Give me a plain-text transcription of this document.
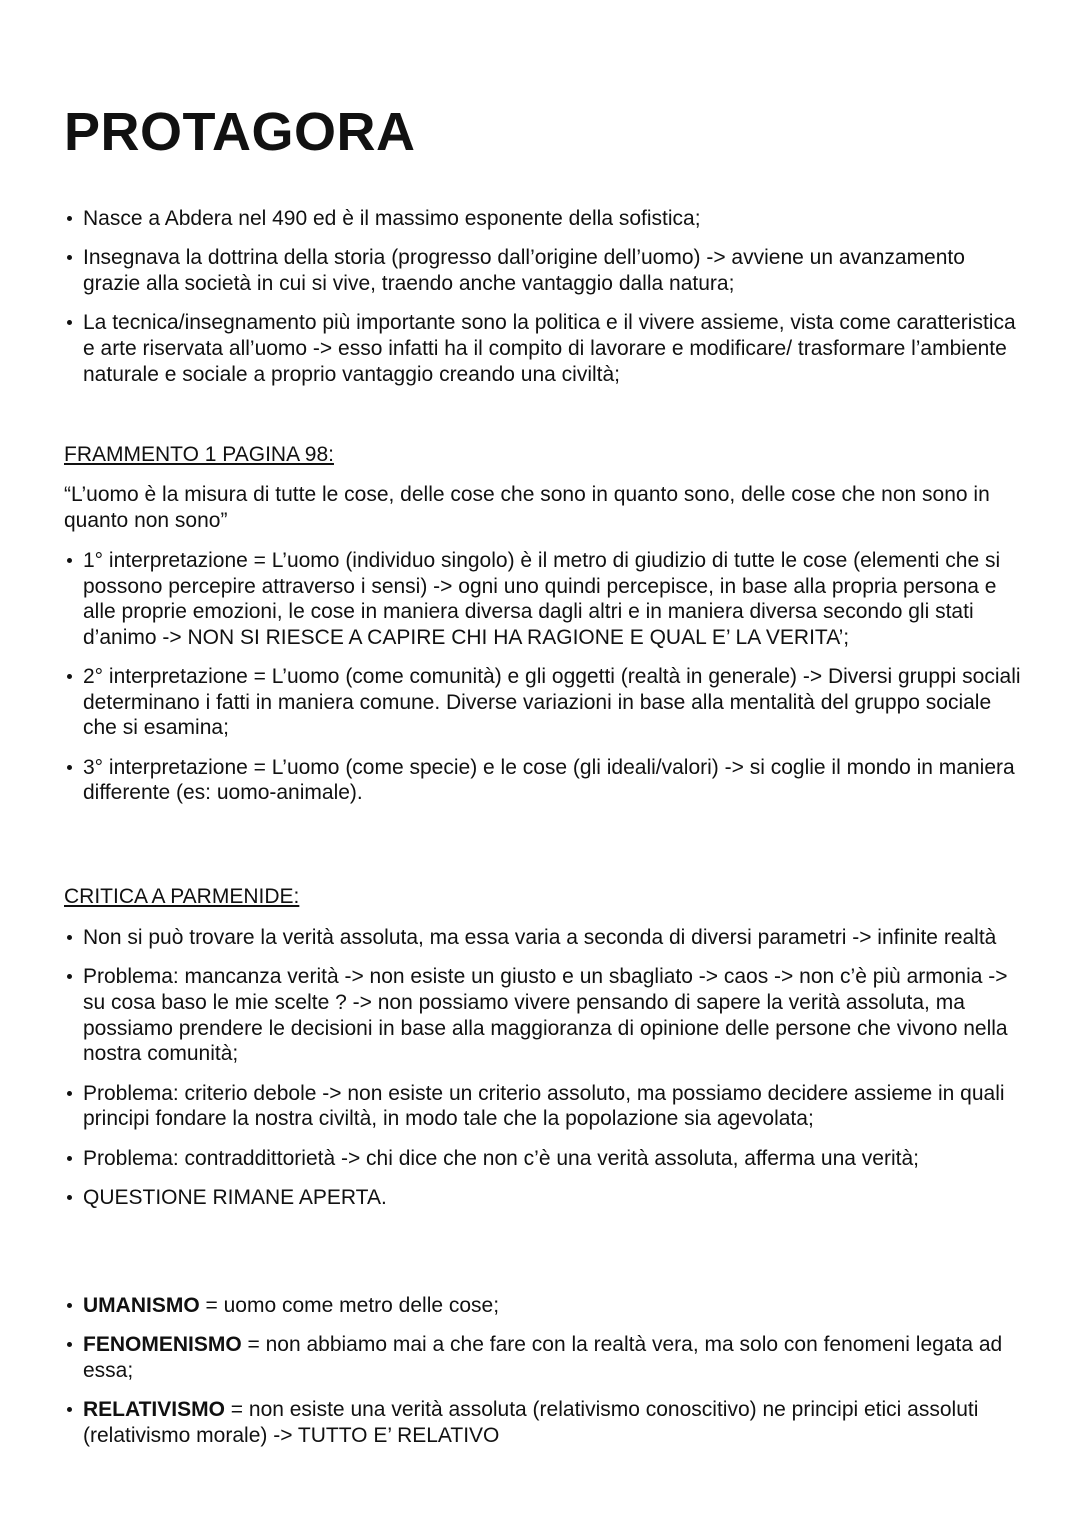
PROTAGORA
Nasce a Abdera nel 490 ed è il massimo esponente della sofistica;
Insegnava la dottrina della storia (progresso dall’origine dell’uomo) -> avviene un avanzamento grazie alla società in cui si vive, traendo anche vantaggio dalla natura;
La tecnica/insegnamento più importante sono la politica e il vivere assieme, vista come caratteristica e arte riservata all’uomo -> esso infatti ha il compito di lavorare e modificare/ trasformare l’ambiente naturale e sociale a proprio vantaggio creando una civiltà;
FRAMMENTO 1 PAGINA 98:

“L’uomo è la misura di tutte le cose, delle cose che sono in quanto sono, delle cose che non sono in quanto non sono”

1° interpretazione = L’uomo (individuo singolo) è il metro di giudizio di tutte le cose (elementi che si possono percepire attraverso i sensi) -> ogni uno quindi percepisce, in base alla propria persona e alle proprie emozioni, le cose in maniera diversa dagli altri e in maniera diversa secondo gli stati d’animo -> NON SI RIESCE A CAPIRE CHI HA RAGIONE E QUAL E’ LA VERITA’;
2° interpretazione = L’uomo (come comunità) e gli oggetti (realtà in generale) -> Diversi gruppi sociali determinano i fatti in maniera comune. Diverse variazioni in base alla mentalità del gruppo sociale che si esamina;
3° interpretazione = L’uomo (come specie) e le cose (gli ideali/valori) -> si coglie il mondo in maniera differente (es: uomo-animale).
CRITICA A PARMENIDE:
Non si può trovare la verità assoluta, ma essa varia a seconda di diversi parametri -> infinite realtà
Problema: mancanza verità -> non esiste un giusto e un sbagliato -> caos -> non c’è più armonia -> su cosa baso le mie scelte ? -> non possiamo vivere pensando di sapere la verità assoluta, ma possiamo prendere le decisioni in base alla maggioranza di opinione delle persone che vivono nella nostra comunità;
Problema: criterio debole -> non esiste un criterio assoluto, ma possiamo decidere assieme in quali principi fondare la nostra civiltà, in modo tale che la popolazione sia agevolata;
Problema: contraddittorietà -> chi dice che non c’è una verità assoluta, afferma una verità;
QUESTIONE RIMANE APERTA.
UMANISMO = uomo come metro delle cose;
FENOMENISMO = non abbiamo mai a che fare con la realtà vera, ma solo con fenomeni legata ad essa;
RELATIVISMO = non esiste una verità assoluta (relativismo conoscitivo) ne principi etici assoluti (relativismo morale) -> TUTTO E’ RELATIVO
